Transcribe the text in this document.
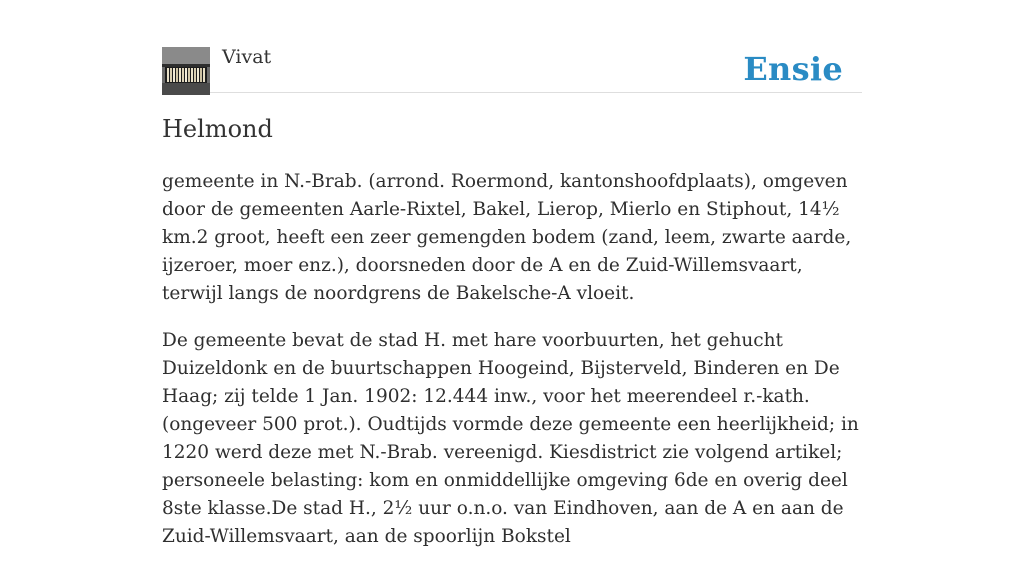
Vivat	Ensie
Helmond

gemeente in N.-Brab. (arrond. Roermond, kantonshoofdplaats), omgeven door de gemeenten Aarle-Rixtel, Bakel, Lierop, Mierlo en Stiphout, 14½ km.2 groot, heeft een zeer gemengden bodem (zand, leem, zwarte aarde, ijzeroer, moer enz.), doorsneden door de A en de Zuid-Willemsvaart, terwijl langs de noordgrens de Bakelsche-A vloeit.

De gemeente bevat de stad H. met hare voorbuurten, het gehucht Duizeldonk en de buurtschappen Hoogeind, Bijsterveld, Binderen en De Haag; zij telde 1 Jan. 1902: 12.444 inw., voor het meerendeel r.-kath. (ongeveer 500 prot.). Oudtijds vormde deze gemeente een heerlijkheid; in 1220 werd deze met N.-Brab. vereenigd. Kiesdistrict zie volgend artikel; personeele belasting: kom en onmiddellijke omgeving 6de en overig deel 8ste klasse.De stad H., 2½ uur o.n.o. van Eindhoven, aan de A en aan de Zuid-Willemsvaart, aan de spoorlijn Bokstel
